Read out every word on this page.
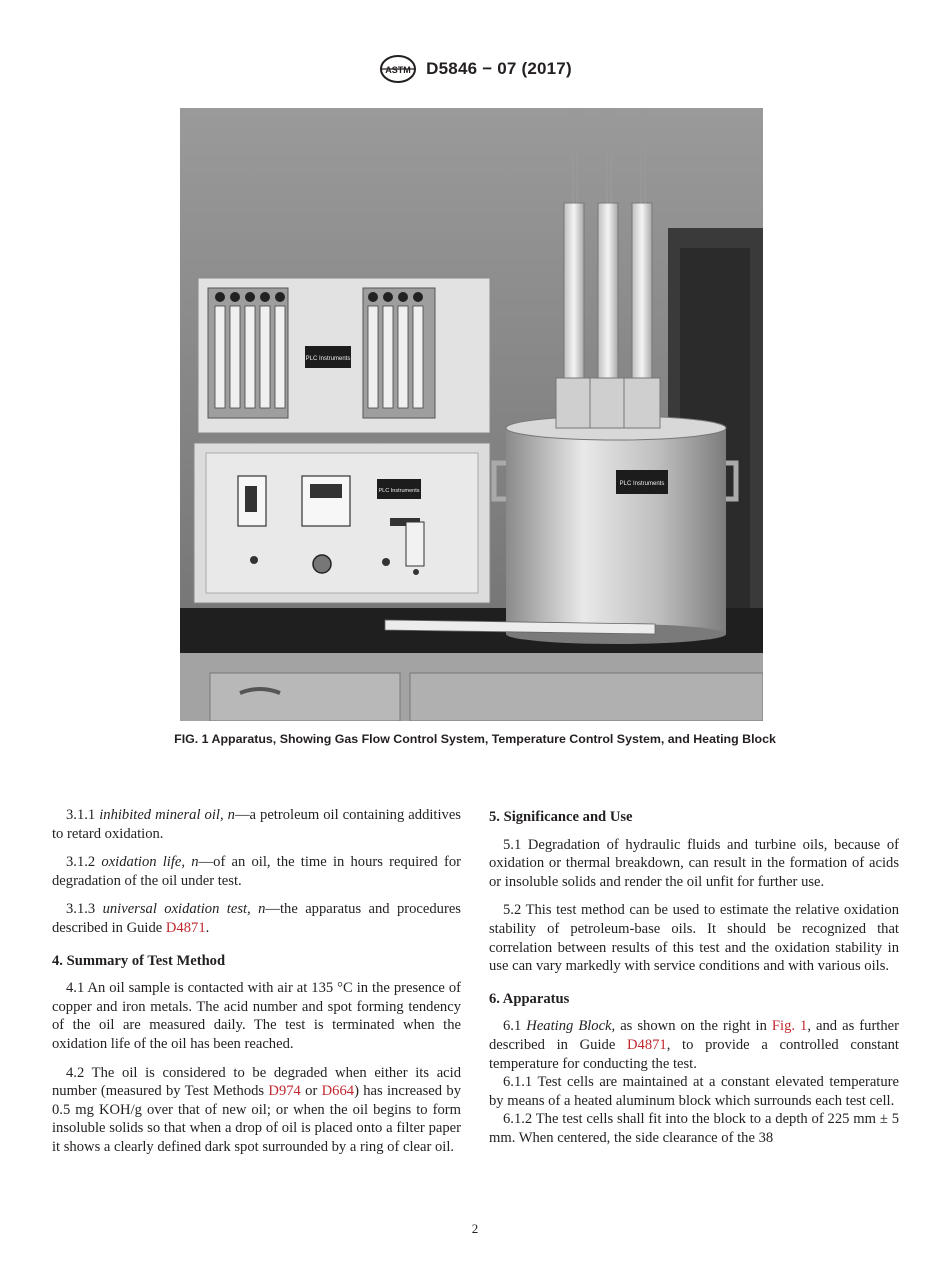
ASTM D5846 − 07 (2017)
PLC Instruments
PLC Instruments
PLC Instruments
FIG. 1 Apparatus, Showing Gas Flow Control System, Temperature Control System, and Heating Block

3.1.1 inhibited mineral oil, n—a petroleum oil containing additives to retard oxidation.

3.1.2 oxidation life, n—of an oil, the time in hours required for degradation of the oil under test.

3.1.3 universal oxidation test, n—the apparatus and procedures described in Guide D4871.

4. Summary of Test Method

4.1 An oil sample is contacted with air at 135 °C in the presence of copper and iron metals. The acid number and spot forming tendency of the oil are measured daily. The test is terminated when the oxidation life of the oil has been reached.

4.2 The oil is considered to be degraded when either its acid number (measured by Test Methods D974 or D664) has increased by 0.5 mg KOH/g over that of new oil; or when the oil begins to form insoluble solids so that when a drop of oil is placed onto a filter paper it shows a clearly defined dark spot surrounded by a ring of clear oil.

5. Significance and Use

5.1 Degradation of hydraulic fluids and turbine oils, because of oxidation or thermal breakdown, can result in the formation of acids or insoluble solids and render the oil unfit for further use.

5.2 This test method can be used to estimate the relative oxidation stability of petroleum-base oils. It should be recognized that correlation between results of this test and the oxidation stability in use can vary markedly with service conditions and with various oils.

6. Apparatus

6.1 Heating Block, as shown on the right in Fig. 1, and as further described in Guide D4871, to provide a controlled constant temperature for conducting the test.

6.1.1 Test cells are maintained at a constant elevated temperature by means of a heated aluminum block which surrounds each test cell.

6.1.2 The test cells shall fit into the block to a depth of 225 mm ± 5 mm. When centered, the side clearance of the 38

2
